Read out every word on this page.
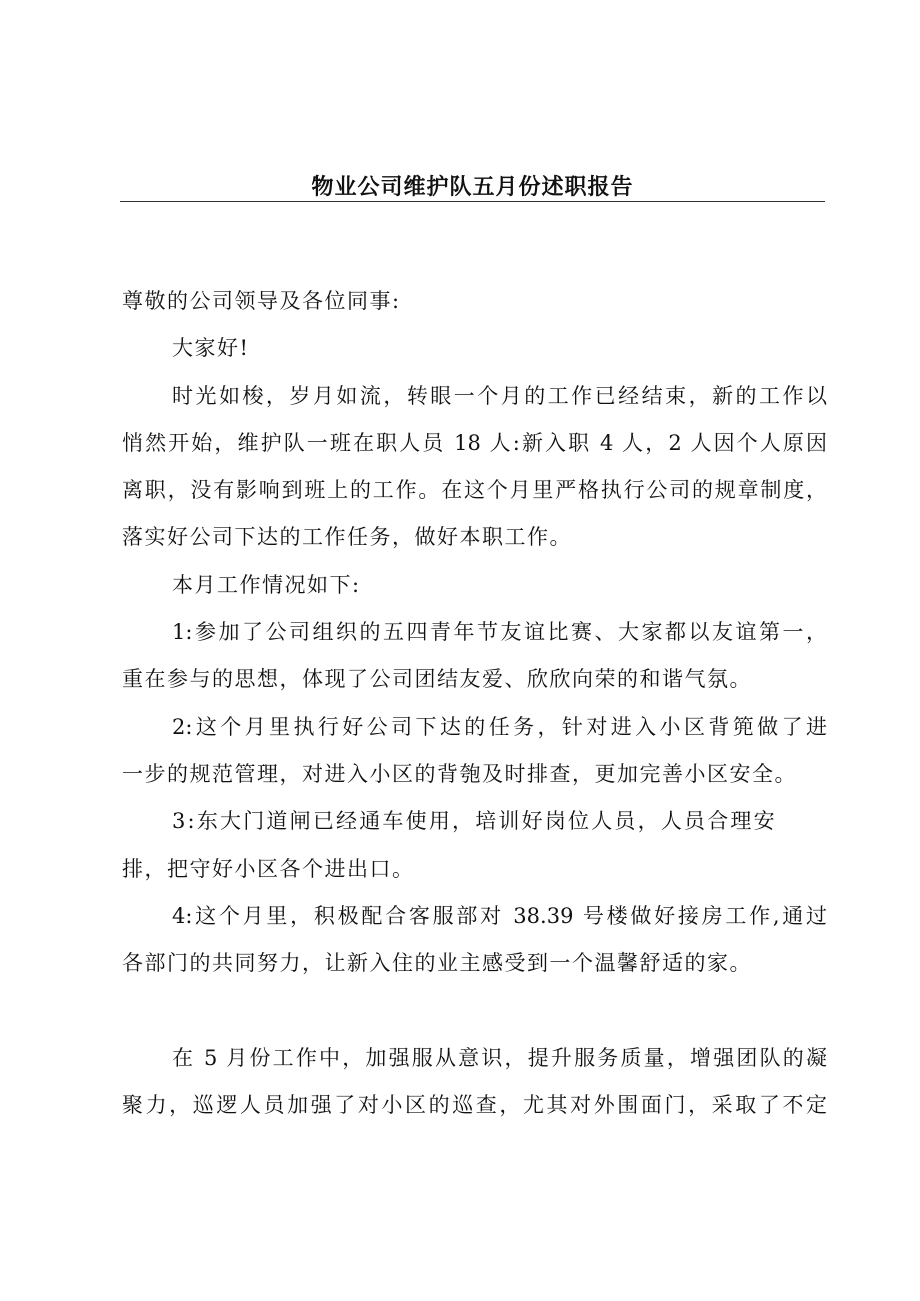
物业公司维护队五月份述职报告
尊敬的公司领导及各位同事:
大家好!
时光如梭，岁月如流，转眼一个月的工作已经结束，新的工作以
悄然开始，维护队一班在职人员 18 人:新入职 4 人，2 人因个人原因
离职，没有影响到班上的工作。在这个月里严格执行公司的规章制度，
落实好公司下达的工作任务，做好本职工作。
本月工作情况如下:
1:参加了公司组织的五四青年节友谊比赛、大家都以友谊第一，
重在参与的思想，体现了公司团结友爱、欣欣向荣的和谐气氛。
2:这个月里执行好公司下达的任务，针对进入小区背篼做了进
一步的规范管理，对进入小区的背匏及时排查，更加完善小区安全。
3:东大门道闸已经通车使用，培训好岗位人员，人员合理安
排，把守好小区各个进出口。
4:这个月里，积极配合客服部对 38.39 号楼做好接房工作,通过
各部门的共同努力，让新入住的业主感受到一个温馨舒适的家。
在 5 月份工作中，加强服从意识，提升服务质量，增强团队的凝
聚力，巡逻人员加强了对小区的巡查，尤其对外围面门，采取了不定
